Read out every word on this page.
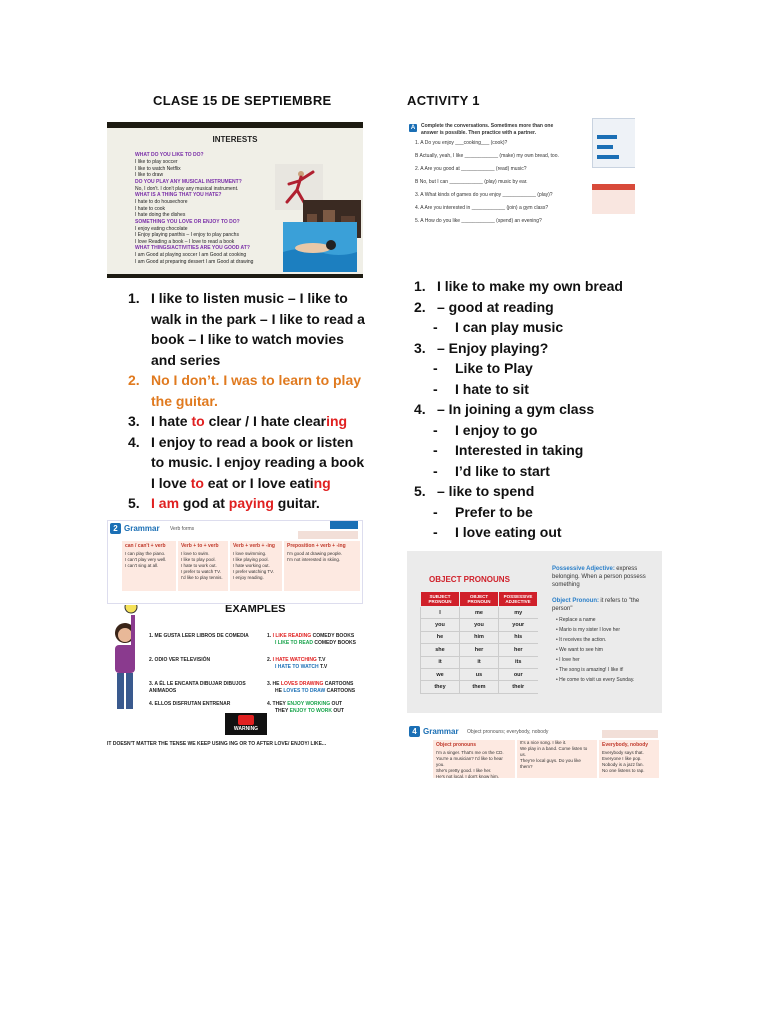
CLASE 15 DE SEPTIEMBRE	ACTIVITY 1
INTERESTS
WHAT DO YOU LIKE TO DO?
I like to play soccer
I like to watch Netflix
I like to draw
DO YOU PLAY ANY MUSICAL INSTRUMENT?
No, I don't. I don't play any musical instrument.
WHAT IS A THING THAT YOU HATE?
I hate to do housechore
I hate to cook
I hate doing the dishes
SOMETHING YOU LOVE OR ENJOY TO DO?
I enjoy eating chocolate
I Enjoy playing panthis – I enjoy to play panchs
I love Reading a book – I love to read a book
WHAT THINGS/ACTIVITIES ARE YOU GOOD AT?
I am Good at playing soccer I am Good at cooking
I am Good at preparing dessert I am Good at drawing
A	Complete the conversations. Sometimes more than one answer is possible. Then practice with a partner.
1. A Do you enjoy ___cooking___ (cook)?
B Actually, yeah, I like ____________ (make) my own bread, too.
2. A Are you good at ____________ (read) music?
B No, but I can ____________ (play) music by ear.
3. A What kinds of games do you enjoy ____________ (play)?
4. A Are you interested in ____________ (join) a gym class?
5. A How do you like ____________ (spend) an evening?
1. I like to listen music – I like to
walk in the park – I like to read a
book – I like to watch movies
and series
2. No I don’t. I was to learn to play
the guitar.
3. I hate to clear / I hate clearing
4. I enjoy to read a book or listen
to music. I enjoy reading a book
I love to eat or I love eating
5. I am god at paying guitar.
2 Grammar Verb forms
can / can't + verb
I can play the piano.
I can't play very well.
I can't sing at all.
Verb + to + verb
I love to swim.
I like to play pool.
I hate to work out.
I prefer to watch TV.
I'd like to play tennis.
Verb + verb + -ing
I love swimming.
I like playing pool.
I hate working out.
I prefer watching TV.
I enjoy reading.
Preposition + verb + -ing
I'm good at drawing people.
I'm not interested in skiing.
EXAMPLES
1. ME GUSTA LEER LIBROS DE COMEDIA	1. I LIKE READING COMEDY BOOKS
I LIKE TO READ COMEDY BOOKS
2. ODIO VER TELEVISIÓN	2. I HATE WATCHING T.V
I HATE TO WATCH T.V
3. A ÉL LE ENCANTA DIBUJAR DIBUJOS ANIMADOS
3. HE LOVES DRAWING CARTOONS
HE LOVES TO DRAW CARTOONS
4. ELLOS DISFRUTAN ENTRENAR	4. THEY ENJOY WORKING OUT
THEY ENJOY TO WORK OUT
WARNING
IT DOESN'T MATTER THE TENSE WE KEEP USING ING OR TO AFTER LOVE/ ENJOY/ LIKE...
1. I like to make my own bread
2. – good at reading
- I can play music
3. – Enjoy playing?
- Like to Play
- I hate to sit
4. – In joining a gym class
- I enjoy to go
- Interested in taking
- I’d like to start
5. – like to spend
- Prefer to be
- I love eating out
OBJECT PRONOUNS
SUBJECT PRONOUN	OBJECT PRONOUN	POSSESSIVE ADJECTIVE
I	me	my
you	you	your
he	him	his
she	her	her
it	it	its
we	us	our
they	them	their
Possessive Adjective: express belonging. When a person possess something
Object Pronoun: it refers to "the person"
• Replace a name
• Mario is my sister I love her
• It receives the action.
• We want to see him
• I love her
• The song is amazing! I like it!
• He come to visit us every Sunday.
4 Grammar Object pronouns; everybody, nobody
Object pronouns
I'm a singer. That's me on the CD.
You're a musician? I'd like to hear you.
She's pretty good. I like her.
He's not local. I don't know him.
It's a nice song. I like it.
We play in a band. Come listen to us.
They're local guys. Do you like them?
Everybody, nobody
Everybody says that.
Everyone I like pop.
Nobody is a jazz fan.
No one listens to rap.
